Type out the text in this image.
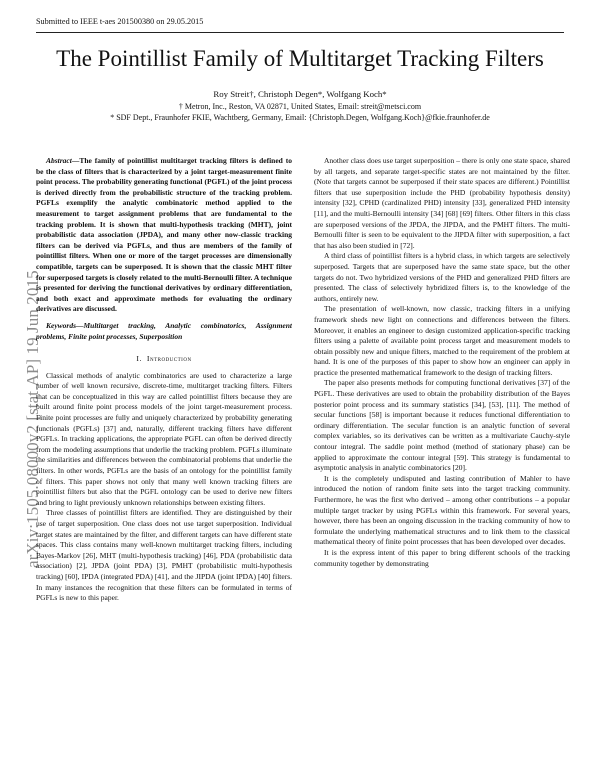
Submitted to IEEE t-aes 201500380 on 29.05.2015
arXiv:1505.08000v2 [stat.AP] 19 Jun 2015
The Pointillist Family of Multitarget Tracking Filters
Roy Streit†, Christoph Degen*, Wolfgang Koch*
† Metron, Inc., Reston, VA 02871, United States, Email: streit@metsci.com
* SDF Dept., Fraunhofer FKIE, Wachtberg, Germany, Email: {Christoph.Degen, Wolfgang.Koch}@fkie.fraunhofer.de

Abstract—The family of pointillist multitarget tracking filters is defined to be the class of filters that is characterized by a joint target-measurement finite point process. The probability generating functional (PGFL) of the joint process is derived directly from the probabilistic structure of the tracking problem. PGFLs exemplify the analytic combinatoric method applied to the measurement to target assignment problems that are fundamental to the tracking problem. It is shown that multi-hypothesis tracking (MHT), joint probabilistic data association (JPDA), and many other now-classic tracking filters can be derived via PGFLs, and thus are members of the family of pointillist filters. When one or more of the target processes are dimensionally compatible, targets can be superposed. It is shown that the classic MHT filter for superposed targets is closely related to the multi-Bernoulli filter. A technique is presented for deriving the functional derivatives by ordinary differentiation, and both exact and approximate methods for evaluating the ordinary derivatives are discussed.

Keywords—Multitarget tracking, Analytic combinatorics, Assignment problems, Finite point processes, Superposition

I. Introduction

Classical methods of analytic combinatorics are used to characterize a large number of well known recursive, discrete-time, multitarget tracking filters. Filters that can be conceptualized in this way are called pointillist filters because they are built around finite point process models of the joint target-measurement process. Finite point processes are fully and uniquely characterized by probability generating functionals (PGFLs) [37] and, naturally, different tracking filters have different PGFLs. In tracking applications, the appropriate PGFL can often be derived directly from the modeling assumptions that underlie the tracking problem. PGFLs illuminate the similarities and differences between the combinatorial problems that underlie the filters. In other words, PGFLs are the basis of an ontology for the pointillist family of filters. This paper shows not only that many well known tracking filters are pointillist filters but also that the PGFL ontology can be used to derive new filters and bring to light previously unknown relationships between existing filters.

Three classes of pointillist filters are identified. They are distinguished by their use of target superposition. One class does not use target superposition. Individual target states are maintained by the filter, and different targets can have different state spaces. This class contains many well-known multitarget tracking filters, including Bayes-Markov [26], MHT (multi-hypothesis tracking) [46], PDA (probabilistic data association) [2], JPDA (joint PDA) [3], PMHT (probabilistic multi-hypothesis tracking) [60], IPDA (integrated PDA) [41], and the JIPDA (joint IPDA) [40] filters. In many instances the recognition that these filters can be formulated in terms of PGFLs is new to this paper.

Another class does use target superposition – there is only one state space, shared by all targets, and separate target-specific states are not maintained by the filter. (Note that targets cannot be superposed if their state spaces are different.) Pointillist filters that use superposition include the PHD (probability hypothesis density) intensity [32], CPHD (cardinalized PHD) intensity [33], generalized PHD intensity [11], and the multi-Bernoulli intensity [34] [68] [69] filters. Other filters in this class are superposed versions of the JPDA, the JIPDA, and the PMHT filters. The multi-Bernoulli filter is seen to be equivalent to the JIPDA filter with superposition, a fact that has also been studied in [72].

A third class of pointillist filters is a hybrid class, in which targets are selectively superposed. Targets that are superposed have the same state space, but the other targets do not. Two hybridized versions of the PHD and generalized PHD filters are presented. The class of selectively hybridized filters is, to the knowledge of the authors, entirely new.

The presentation of well-known, now classic, tracking filters in a unifying framework sheds new light on connections and differences between the filters. Moreover, it enables an engineer to design customized application-specific tracking filters using a palette of available point process target and measurement models to obtain possibly new and unique filters, matched to the requirement of the problem at hand. It is one of the purposes of this paper to show how an engineer can apply in practice the presented mathematical framework to the design of tracking filters.

The paper also presents methods for computing functional derivatives [37] of the PGFL. These derivatives are used to obtain the probability distribution of the Bayes posterior point process and its summary statistics [34], [53], [11]. The method of secular functions [58] is important because it reduces functional differentiation to ordinary differentiation. The secular function is an analytic function of several complex variables, so its derivatives can be written as a multivariate Cauchy-style contour integral. The saddle point method (method of stationary phase) can be applied to approximate the contour integral [59]. This strategy is fundamental to asymptotic analysis in analytic combinatorics [20].

It is the completely undisputed and lasting contribution of Mahler to have introduced the notion of random finite sets into the target tracking community. Furthermore, he was the first who derived – among other contributions – a popular multiple target tracker by using PGFLs within this framework. For several years, however, there has been an ongoing discussion in the tracking community of how to formulate the underlying mathematical structures and to link them to the classical mathematical theory of finite point processes that has been developed over decades.

It is the express intent of this paper to bring different schools of the tracking community together by demonstrating
